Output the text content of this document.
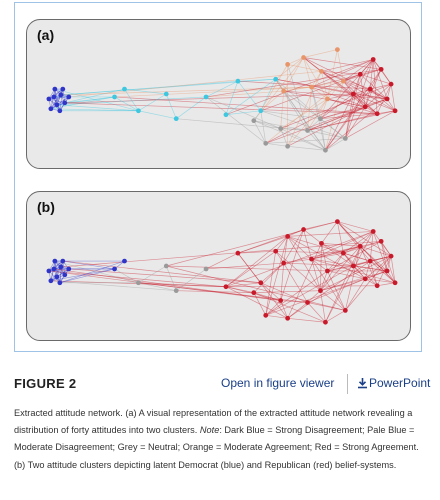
(a)
(b)
FIGURE 2	Open in figure viewer	PowerPoint
Extracted attitude network. (a) A visual representation of the extracted attitude network revealing a distribution of forty attitudes into two clusters. Note: Dark Blue = Strong Disagreement; Pale Blue = Moderate Disagreement; Grey = Neutral; Orange = Moderate Agreement; Red = Strong Agreement. (b) Two attitude clusters depicting latent Democrat (blue) and Republican (red) belief-systems.
